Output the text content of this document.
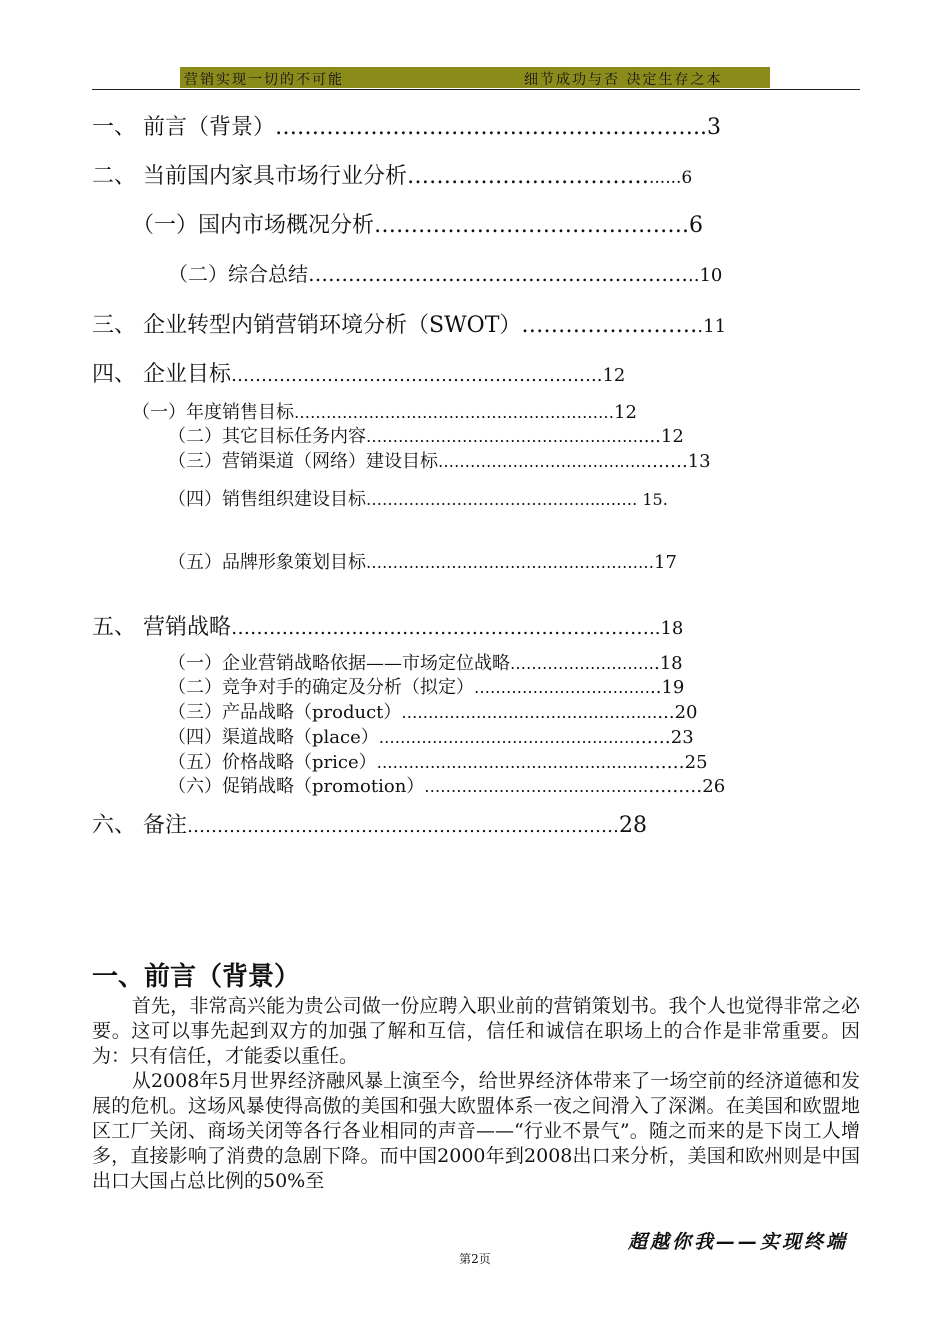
营销实现一切的不可能	细节成功与否 决定生存之本
一、 前言（背景）…………………………………………………..3
二、 当前国内家具市场行业分析……………………………......6
（一）国内市场概况分析…………………………………….6
（二）综合总结…………………………………………………..10
三、 企业转型内销营销环境分析（SWOT）…………………….11
四、 企业目标……………………………………………………..12
（一）年度销售目标……………………………………………………12
（二）其它目标任务内容……………………………………………....12
（三）营销渠道（网络）建设目标……………………………………….13
（四）销售组织建设目标……………………………………..……. 15.
（五）品牌形象策划目标………………………………………………17
五、 营销战略…………………………………………………………..18
（一）企业营销战略依据——市场定位战略……………………….18
（二）竞争对手的确定及分析（拟定）……………………………..19
（三）产品战略（product）…………………………………………...20
（四）渠道战略（place）………………………………………………23
（五）价格战略（price）…………………………………………………25
（六）促销战略（promotion）……………………………………………26
六、 备注………………………………………………………………28
一、前言（背景）

首先，非常高兴能为贵公司做一份应聘入职业前的营销策划书。我个人也觉得非常之必要。这可以事先起到双方的加强了解和互信，信任和诚信在职场上的合作是非常重要。因为：只有信任，才能委以重任。

从2008年5月世界经济融风暴上演至今，给世界经济体带来了一场空前的经济道德和发展的危机。这场风暴使得高傲的美国和强大欧盟体系一夜之间滑入了深渊。在美国和欧盟地区工厂关闭、商场关闭等各行各业相同的声音——“行业不景气”。随之而来的是下岗工人增多，直接影响了消费的急剧下降。而中国2000年到2008出口来分析，美国和欧州则是中国出口大国占总比例的50%至

超越你我——实现终端
第2页
